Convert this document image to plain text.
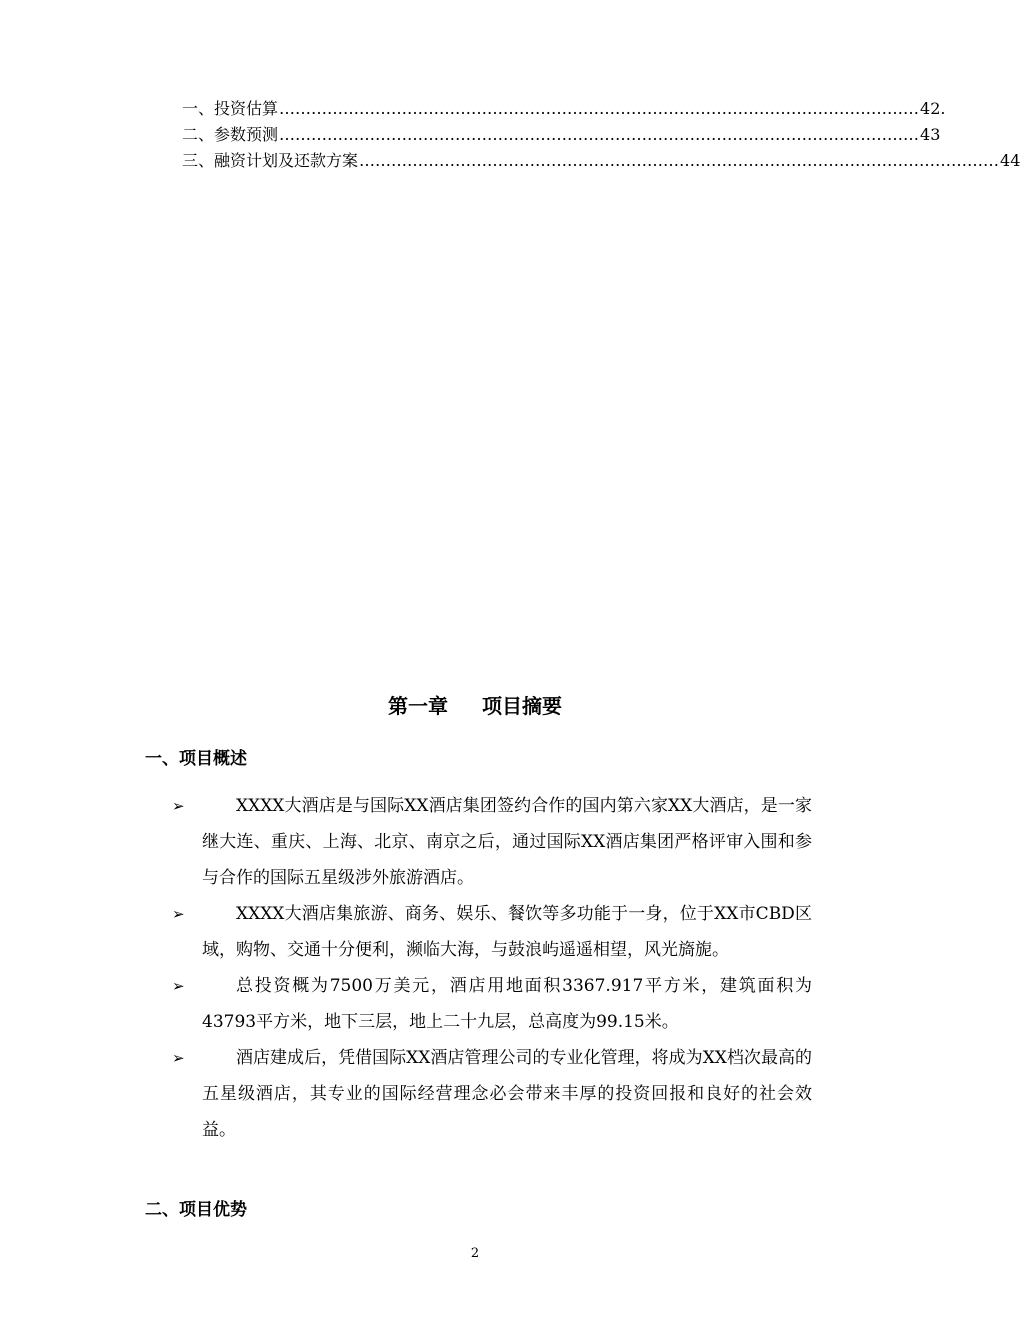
一、投资估算 ………………………………………………………………………………………………………… 42.
二、参数预测 ………………………………………………………………………………………………………… 43
三、融资计划及还款方案 ………………………………………………………………………………………………………… 44
第一章 项目摘要
一、项目概述
➢	XXXX大酒店是与国际XX酒店集团签约合作的国内第六家XX大酒店，是一家继大连、重庆、上海、北京、南京之后，通过国际XX酒店集团严格评审入围和参与合作的国际五星级涉外旅游酒店。
➢	XXXX大酒店集旅游、商务、娱乐、餐饮等多功能于一身，位于XX市CBD区域，购物、交通十分便利，濒临大海，与鼓浪屿遥遥相望，风光旖旎。
➢	总投资概为7500万美元，酒店用地面积3367.917平方米，建筑面积为43793平方米，地下三层，地上二十九层，总高度为99.15米。
➢	酒店建成后，凭借国际XX酒店管理公司的专业化管理，将成为XX档次最高的五星级酒店，其专业的国际经营理念必会带来丰厚的投资回报和良好的社会效益。
二、项目优势
2
